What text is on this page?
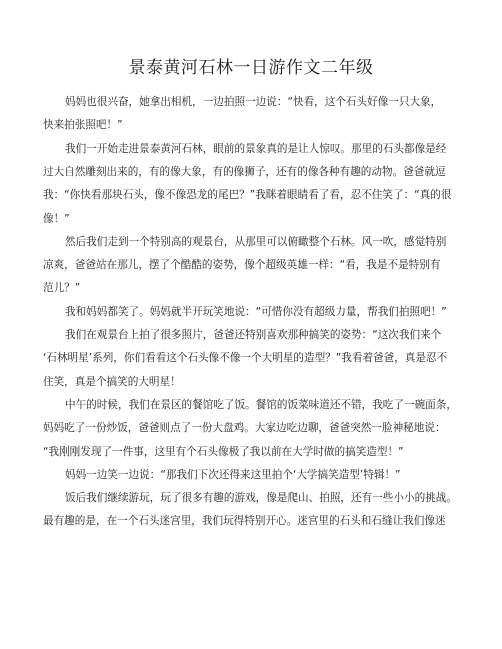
景泰黄河石林一日游作文二年级
妈妈也很兴奋，她拿出相机，一边拍照一边说：“快看，这个石头好像一只大象，
快来拍张照吧！”
我们一开始走进景泰黄河石林，眼前的景象真的是让人惊叹。那里的石头都像是经
过大自然雕刻出来的，有的像大象，有的像狮子，还有的像各种有趣的动物。爸爸就逗
我：“你快看那块石头，像不像恐龙的尾巴？”我眯着眼睛看了看，忍不住笑了：“真的很
像！”
然后我们走到一个特别高的观景台，从那里可以俯瞰整个石林。风一吹，感觉特别
凉爽，爸爸站在那儿，摆了个酷酷的姿势，像个超级英雄一样：“看，我是不是特别有
范儿？”
我和妈妈都笑了。妈妈就半开玩笑地说：“可惜你没有超级力量，帮我们拍照吧！”
我们在观景台上拍了很多照片，爸爸还特别喜欢那种搞笑的姿势：“这次我们来个
‘石林明星’系列，你们看看这个石头像不像一个大明星的造型？”我看着爸爸，真是忍不
住笑，真是个搞笑的大明星！
中午的时候，我们在景区的餐馆吃了饭。餐馆的饭菜味道还不错，我吃了一碗面条，
妈妈吃了一份炒饭，爸爸则点了一份大盘鸡。大家边吃边聊，爸爸突然一脸神秘地说：
“我刚刚发现了一件事，这里有个石头像极了我以前在大学时做的搞笑造型！”
妈妈一边笑一边说：“那我们下次还得来这里拍个‘大学搞笑造型’特辑！”
饭后我们继续游玩，玩了很多有趣的游戏，像是爬山、拍照，还有一些小小的挑战。
最有趣的是，在一个石头迷宫里，我们玩得特别开心。迷宫里的石头和石缝让我们像迷
